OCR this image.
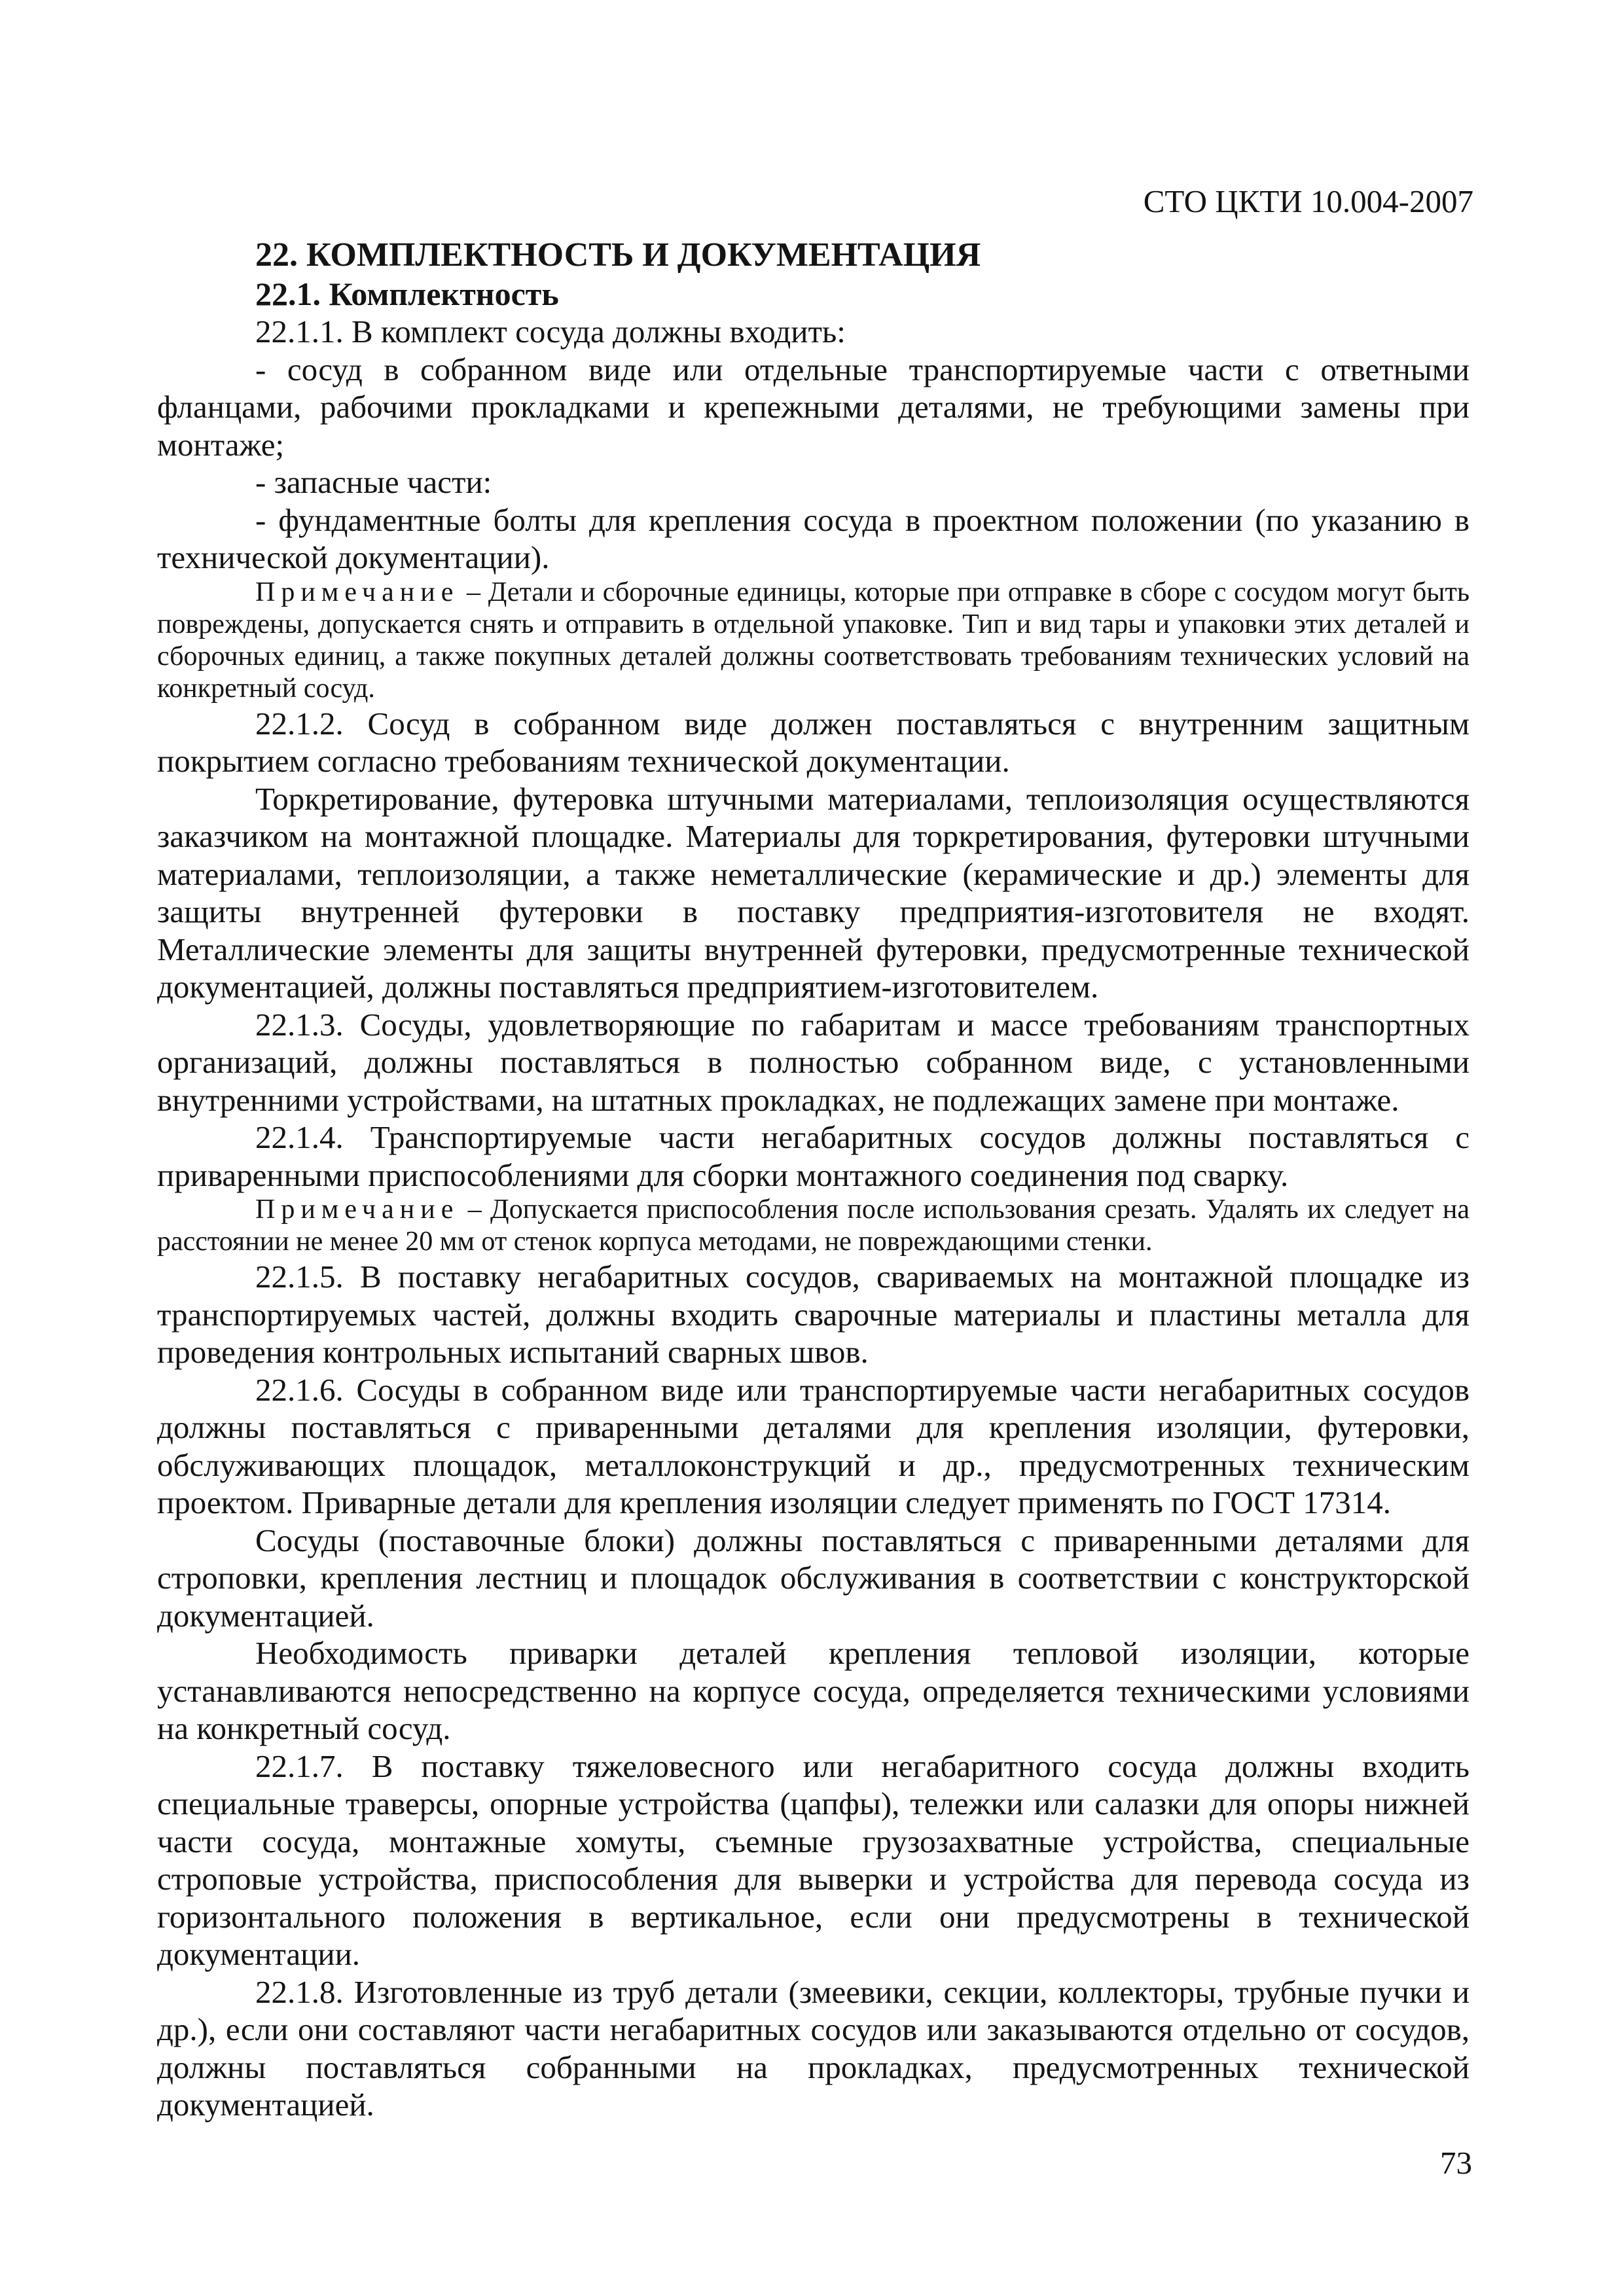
СТО ЦКТИ 10.004-2007
22. КОМПЛЕКТНОСТЬ И ДОКУМЕНТАЦИЯ
22.1. Комплектность

22.1.1. В комплект сосуда должны входить:

- сосуд в собранном виде или отдельные транспортируемые части с ответными фланцами, рабочими прокладками и крепежными деталями, не требующими замены при монтаже;

- запасные части:

- фундаментные болты для крепления сосуда в проектном положении (по указанию в технической документации).

Примечание – Детали и сборочные единицы, которые при отправке в сборе с сосудом могут быть повреждены, допускается снять и отправить в отдельной упаковке. Тип и вид тары и упаковки этих деталей и сборочных единиц, а также покупных деталей должны соответствовать требованиям технических условий на конкретный сосуд.

22.1.2. Сосуд в собранном виде должен поставляться с внутренним защитным покрытием согласно требованиям технической документации.

Торкретирование, футеровка штучными материалами, теплоизоляция осуществляются заказчиком на монтажной площадке. Материалы для торкретирования, футеровки штучными материалами, теплоизоляции, а также неметаллические (керамические и др.) элементы для защиты внутренней футеровки в поставку предприятия-изготовителя не входят. Металлические элементы для защиты внутренней футеровки, предусмотренные технической документацией, должны поставляться предприятием-изготовителем.

22.1.3. Сосуды, удовлетворяющие по габаритам и массе требованиям транспортных организаций, должны поставляться в полностью собранном виде, с установленными внутренними устройствами, на штатных прокладках, не подлежащих замене при монтаже.

22.1.4. Транспортируемые части негабаритных сосудов должны поставляться с приваренными приспособлениями для сборки монтажного соединения под сварку.

Примечание – Допускается приспособления после использования срезать. Удалять их следует на расстоянии не менее 20 мм от стенок корпуса методами, не повреждающими стенки.

22.1.5. В поставку негабаритных сосудов, свариваемых на монтажной площадке из транспортируемых частей, должны входить сварочные материалы и пластины металла для проведения контрольных испытаний сварных швов.

22.1.6. Сосуды в собранном виде или транспортируемые части негабаритных сосудов должны поставляться с приваренными деталями для крепления изоляции, футеровки, обслуживающих площадок, металлоконструкций и др., предусмотренных техническим проектом. Приварные детали для крепления изоляции следует применять по ГОСТ 17314.

Сосуды (поставочные блоки) должны поставляться с приваренными деталями для строповки, крепления лестниц и площадок обслуживания в соответствии с конструкторской документацией.

Необходимость приварки деталей крепления тепловой изоляции, которые устанавливаются непосредственно на корпусе сосуда, определяется техническими условиями на конкретный сосуд.

22.1.7. В поставку тяжеловесного или негабаритного сосуда должны входить специальные траверсы, опорные устройства (цапфы), тележки или салазки для опоры нижней части сосуда, монтажные хомуты, съемные грузозахватные устройства, специальные строповые устройства, приспособления для выверки и устройства для перевода сосуда из горизонтального положения в вертикальное, если они предусмотрены в технической документации.

22.1.8. Изготовленные из труб детали (змеевики, секции, коллекторы, трубные пучки и др.), если они составляют части негабаритных сосудов или заказываются отдельно от сосудов, должны поставляться собранными на прокладках, предусмотренных технической документацией.

73
